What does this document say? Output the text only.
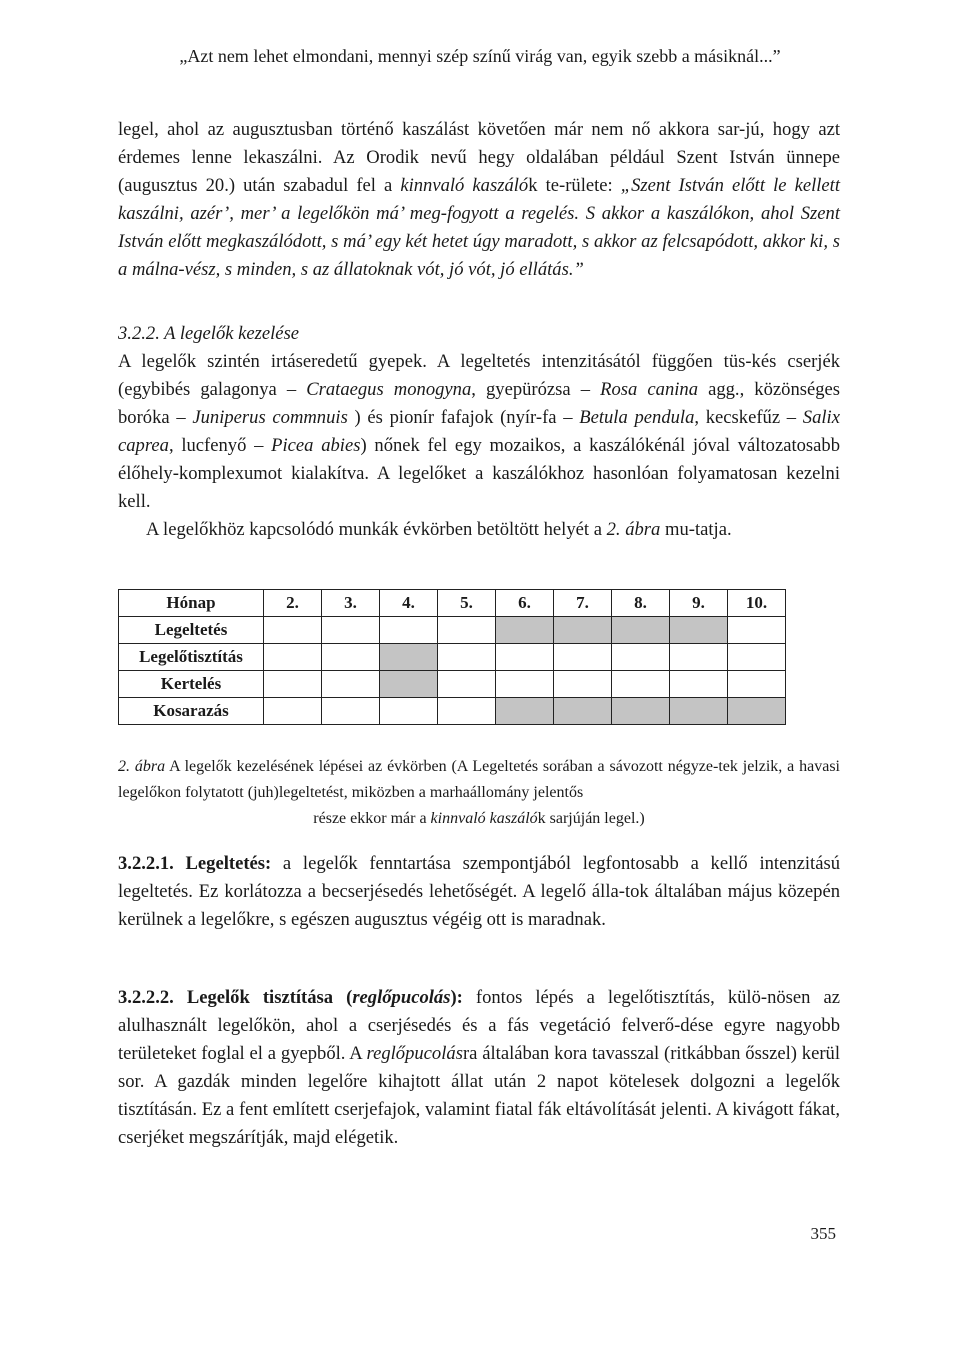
„Azt nem lehet elmondani, mennyi szép színű virág van, egyik szebb a másiknál...”

legel, ahol az augusztusban történő kaszálást követően már nem nő akkora sar-jú, hogy azt érdemes lenne lekaszálni. Az Orodik nevű hegy oldalában például Szent István ünnepe (augusztus 20.) után szabadul fel a kinnvaló kaszálók te-rülete: „Szent István előtt le kellett kaszálni, azér’, mer’ a legelőkön má’ meg-fogyott a regelés. S akkor a kaszálókon, ahol Szent István előtt megkaszálódott, s má’ egy két hetet úgy maradott, s akkor az felcsapódott, akkor ki, s a málna-vész, s minden, s az állatoknak vót, jó vót, jó ellátás.”

3.2.2. A legelők kezelése

A legelők szintén irtáseredetű gyepek. A legeltetés intenzitásától függően tüs-kés cserjék (egybibés galagonya – Crataegus monogyna, gyepürózsa – Rosa canina agg., közönséges boróka – Juniperus commnuis ) és pionír fafajok (nyír-fa – Betula pendula, kecskefűz – Salix caprea, lucfenyő – Picea abies) nőnek fel egy mozaikos, a kaszálókénál jóval változatosabb élőhely-komplexumot kialakítva. A legelőket a kaszálókhoz hasonlóan folyamatosan kezelni kell.

A legelőkhöz kapcsolódó munkák évkörben betöltött helyét a 2. ábra mu-tatja.

Hónap	2.	3.	4.	5.	6.	7.	8.	9.	10.
Legeltetés									
Legelőtisztítás									
Kertelés									
Kosarazás									
2. ábra A legelők kezelésének lépései az évkörben (A Legeltetés sorában a sávozott négyze-tek jelzik, a havasi legelőkon folytatott (juh)legeltetést, miközben a marhaállomány jelentős
része ekkor már a kinnvaló kaszálók sarjúján legel.)

3.2.2.1. Legeltetés: a legelők fenntartása szempontjából legfontosabb a kellő intenzitású legeltetés. Ez korlátozza a becserjésedés lehetőségét. A legelő álla-tok általában május közepén kerülnek a legelőkre, s egészen augusztus végéig ott is maradnak.

3.2.2.2. Legelők tisztítása (reglőpucolás): fontos lépés a legelőtisztítás, külö-nösen az alulhasznált legelőkön, ahol a cserjésedés és a fás vegetáció felverő-dése egyre nagyobb területeket foglal el a gyepből. A reglőpucolásra általában kora tavasszal (ritkábban ősszel) kerül sor. A gazdák minden legelőre kihajtott állat után 2 napot kötelesek dolgozni a legelők tisztításán. Ez a fent említett cserjefajok, valamint fiatal fák eltávolítását jelenti. A kivágott fákat, cserjéket megszárítják, majd elégetik.

355
